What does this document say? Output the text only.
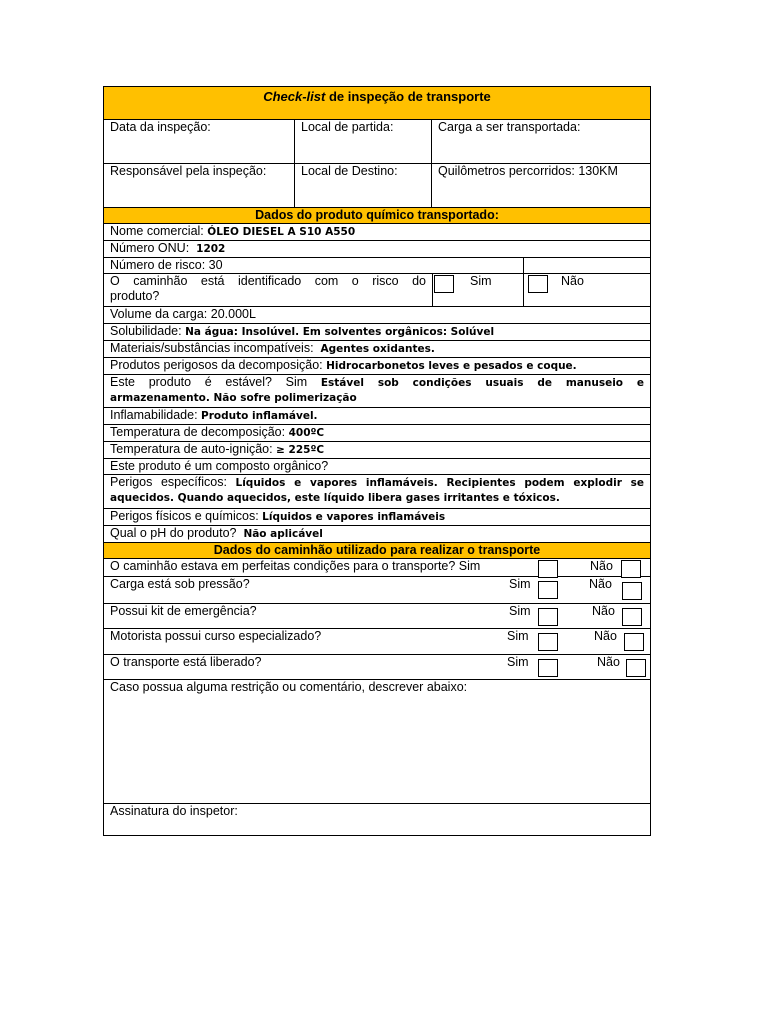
Check-list de inspeção de transporte
Data da inspeção:	Local de partida:	Carga a ser transportada:
Responsável pela inspeção:	Local de Destino:	Quilômetros percorridos: 130KM
Dados do produto químico transportado:
Nome comercial: ÓLEO DIESEL A S10 A550
Número ONU: 1202
Número de risco: 30
O caminhão está identificado com o risco do
produto?
Sim	Não
Volume da carga: 20.000L
Solubilidade: Na água: Insolúvel. Em solventes orgânicos: Solúvel
Materiais/substâncias incompatíveis: Agentes oxidantes.
Produtos perigosos da decomposição: Hidrocarbonetos leves e pesados e coque.
Este produto é estável? Sim Estável sob condições usuais de manuseio e
armazenamento. Não sofre polimerização
Inflamabilidade: Produto inflamável.
Temperatura de decomposição: 400ºC
Temperatura de auto-ignição: ≥ 225ºC
Este produto é um composto orgânico?
Perigos específicos: Líquidos e vapores inflamáveis. Recipientes podem explodir se
aquecidos. Quando aquecidos, este líquido libera gases irritantes e tóxicos.
Perigos físicos e químicos: Líquidos e vapores inflamáveis
Qual o pH do produto? Não aplicável
Dados do caminhão utilizado para realizar o transporte
O caminhão estava em perfeitas condições para o transporte? Sim	Não
Carga está sob pressão?	Sim	Não
Possui kit de emergência?	Sim	Não
Motorista possui curso especializado?	Sim	Não
O transporte está liberado?	Sim	Não
Caso possua alguma restrição ou comentário, descrever abaixo:
Assinatura do inspetor:
